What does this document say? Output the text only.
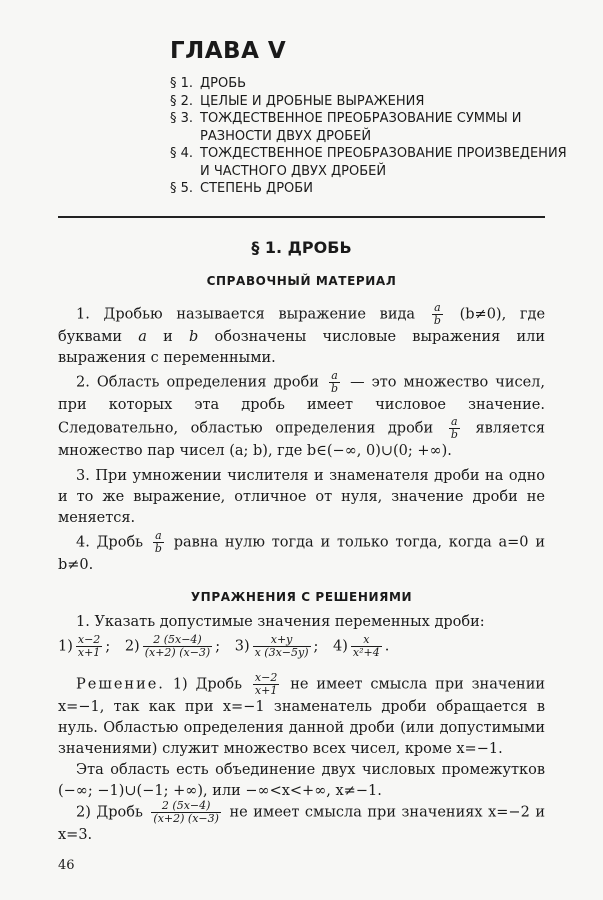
ГЛАВА V
§ 1. ДРОБЬ
§ 2. ЦЕЛЫЕ И ДРОБНЫЕ ВЫРАЖЕНИЯ
§ 3. ТОЖДЕСТВЕННОЕ ПРЕОБРАЗОВАНИЕ СУММЫ И РАЗНОСТИ ДВУХ ДРОБЕЙ
§ 4. ТОЖДЕСТВЕННОЕ ПРЕОБРАЗОВАНИЕ ПРОИЗВЕДЕНИЯ И ЧАСТНОГО ДВУХ ДРОБЕЙ
§ 5. СТЕПЕНЬ ДРОБИ
§ 1. ДРОБЬ
СПРАВОЧНЫЙ МАТЕРИАЛ
1. Дробью называется выражение вида $\frac{a}{b} (b\ne 0)$, где буквами a и b обозначены числовые выражения или выражения с переменными.
2. Область определения дроби $\frac{a}{b}$ — это множество чисел, при которых эта дробь имеет числовое значение. Следовательно, областью определения дроби $\frac{a}{b}$ является множество пар чисел (a; b), где b∈(−∞, 0)∪(0; +∞).
3. При умножении числителя и знаменателя дроби на одно и то же выражение, отличное от нуля, значение дроби не меняется.
4. Дробь $\frac{a}{b}$ равна нулю тогда и только тогда, когда a=0 и b≠0.
УПРАЖНЕНИЯ С РЕШЕНИЯМИ
1. Указать допустимые значения переменных дроби:
$1) \frac{x-2}{x+1}$ ; $2) \frac{2 (5x-4)}{(x+2) (x-3)}$ ; $3) \frac{x+y}{x (3x-5y)}$ ; $4) \frac{x}{\text{x²+4}}$ .
Решение. 1) Дробь $\frac{x-2}{x+1}$ не имеет смысла при значении x=−1, так как при x=−1 знаменатель дроби обращается в нуль. Областью определения данной дроби (или допустимыми значениями) служит множество всех чисел, кроме x=−1.
Эта область есть объединение двух числовых промежутков (−∞; −1)∪(−1; +∞), или −∞<x<+∞, x≠−1.
2) Дробь $\frac{2 (5x-4)}{(x+2) (x-3)}$ не имеет смысла при значениях x=−2 и x=3.
46
